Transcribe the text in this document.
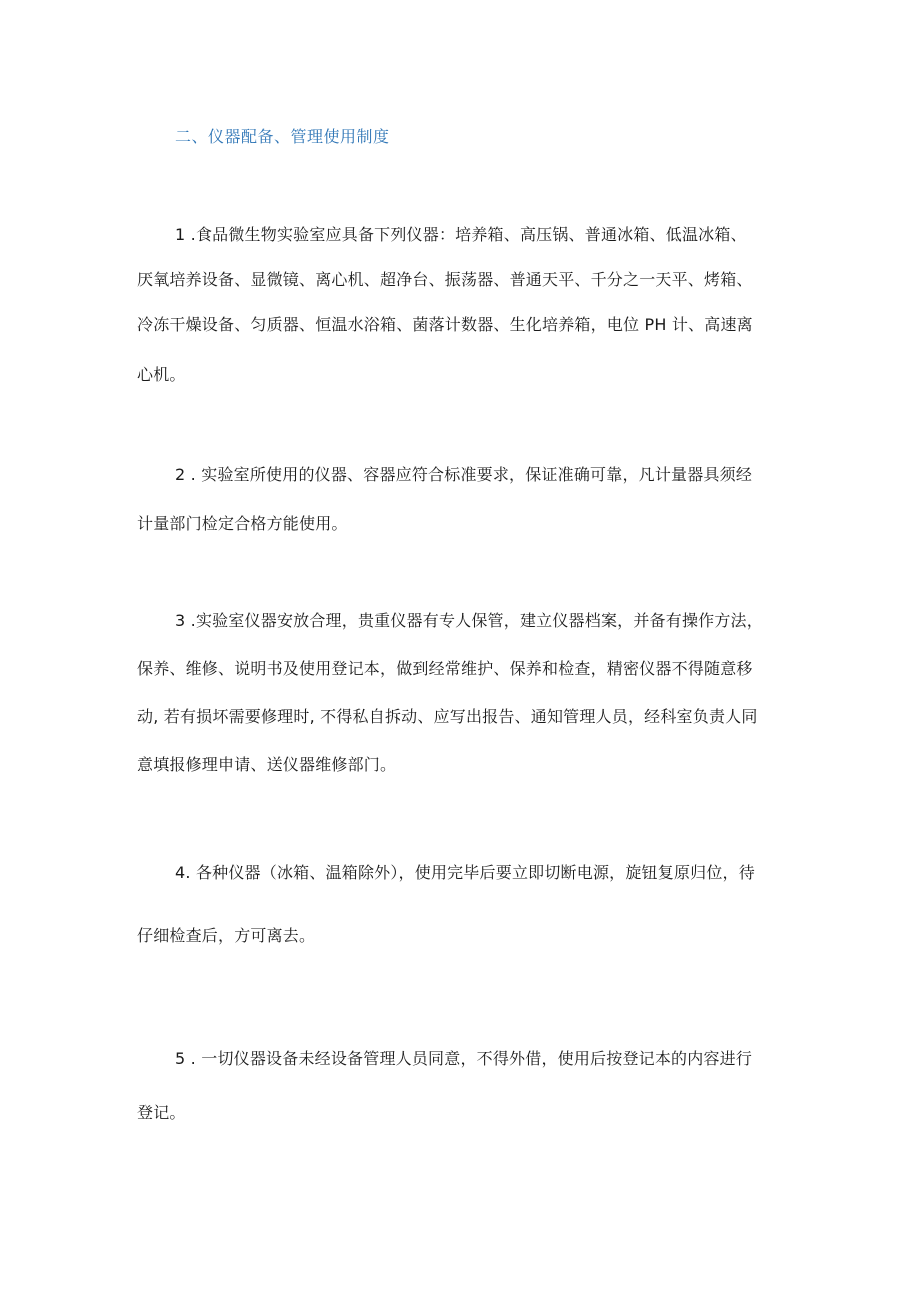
二、仪器配备、管理使用制度
1 .食品微生物实验室应具备下列仪器：培养箱、高压锅、普通冰箱、低温冰箱、
厌氧培养设备、显微镜、离心机、超净台、振荡器、普通天平、千分之一天平、烤箱、
冷冻干燥设备、匀质器、恒温水浴箱、菌落计数器、生化培养箱，电位 PH 计、高速离
心机。
2 . 实验室所使用的仪器、容器应符合标准要求，保证准确可靠，凡计量器具须经
计量部门检定合格方能使用。
3 .实验室仪器安放合理，贵重仪器有专人保管，建立仪器档案，并备有操作方法，
保养、维修、说明书及使用登记本，做到经常维护、保养和检查，精密仪器不得随意移
动, 若有损坏需要修理时, 不得私自拆动、应写出报告、通知管理人员，经科室负责人同
意填报修理申请、送仪器维修部门。
4. 各种仪器（冰箱、温箱除外），使用完毕后要立即切断电源，旋钮复原归位，待
仔细检查后，方可离去。
5 . 一切仪器设备未经设备管理人员同意，不得外借，使用后按登记本的内容进行
登记。
